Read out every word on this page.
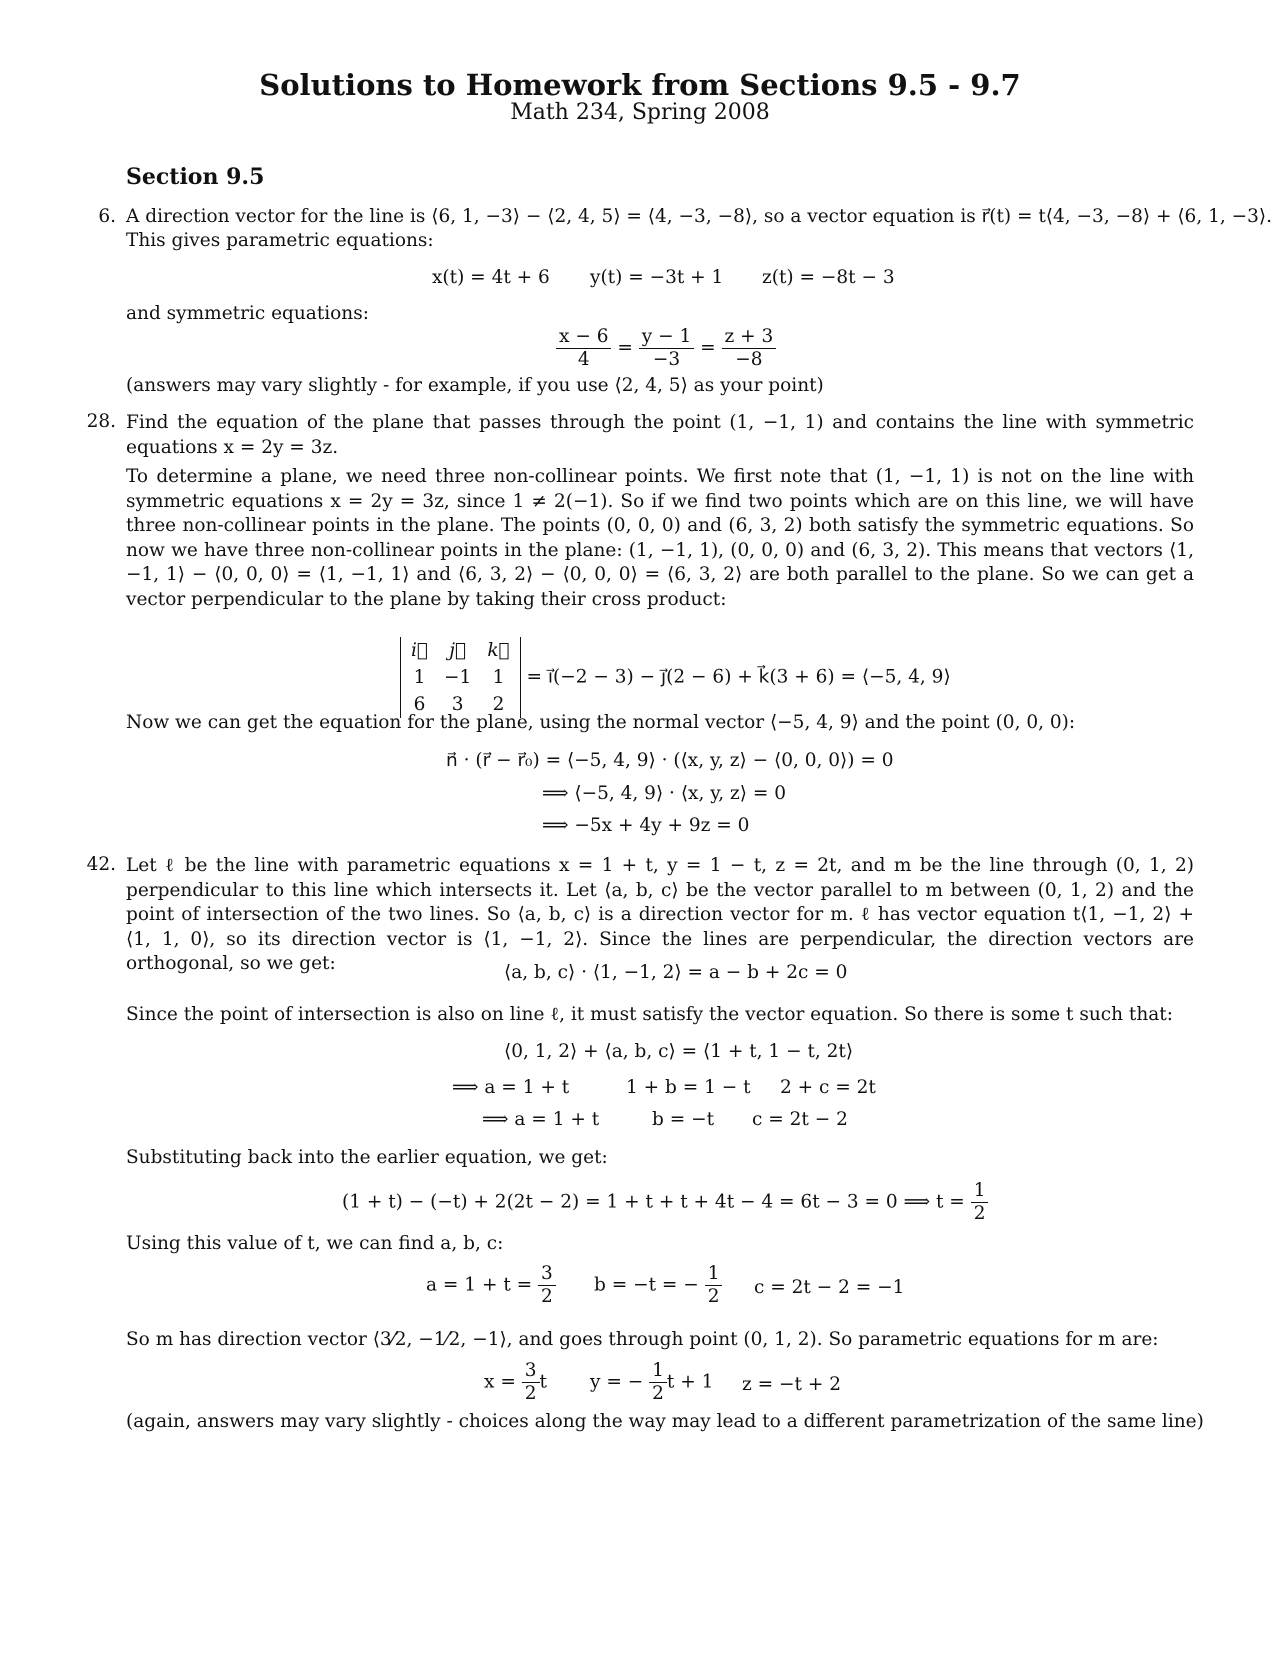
Solutions to Homework from Sections 9.5 - 9.7
Math 234, Spring 2008
Section 9.5
6. A direction vector for the line is ⟨6, 1, −3⟩ − ⟨2, 4, 5⟩ = ⟨4, −3, −8⟩, so a vector equation is r⃗(t) = t⟨4, −3, −8⟩ + ⟨6, 1, −3⟩.
This gives parametric equations:
x(t) = 4t + 6 y(t) = −3t + 1 z(t) = −8t − 3
and symmetric equations:
$\frac{x - 6}{4} = \frac{y - 1}{-3} = \frac{z + 3}{-8}$
(answers may vary slightly - for example, if you use ⟨2, 4, 5⟩ as your point)
28. Find the equation of the plane that passes through the point (1, −1, 1) and contains the line with symmetric equations x = 2y = 3z.
To determine a plane, we need three non-collinear points. We first note that (1, −1, 1) is not on the line with symmetric equations x = 2y = 3z, since 1 ≠ 2(−1). So if we find two points which are on this line, we will have three non-collinear points in the plane. The points (0, 0, 0) and (6, 3, 2) both satisfy the symmetric equations. So now we have three non-collinear points in the plane: (1, −1, 1), (0, 0, 0) and (6, 3, 2). This means that vectors ⟨1, −1, 1⟩ − ⟨0, 0, 0⟩ = ⟨1, −1, 1⟩ and ⟨6, 3, 2⟩ − ⟨0, 0, 0⟩ = ⟨6, 3, 2⟩ are both parallel to the plane. So we can get a vector perpendicular to the plane by taking their cross product:
i⃗	j⃗	k⃗
1	−1	1
6	3	2
= i⃗(−2 − 3) − j⃗(2 − 6) + k⃗(3 + 6) = ⟨−5, 4, 9⟩
Now we can get the equation for the plane, using the normal vector ⟨−5, 4, 9⟩ and the point (0, 0, 0):
n⃗ · (r⃗ − r⃗₀) = ⟨−5, 4, 9⟩ · (⟨x, y, z⟩ − ⟨0, 0, 0⟩) = 0
⟹ ⟨−5, 4, 9⟩ · ⟨x, y, z⟩ = 0
⟹ −5x + 4y + 9z = 0
42. Let ℓ be the line with parametric equations x = 1 + t, y = 1 − t, z = 2t, and m be the line through (0, 1, 2) perpendicular to this line which intersects it. Let ⟨a, b, c⟩ be the vector parallel to m between (0, 1, 2) and the point of intersection of the two lines. So ⟨a, b, c⟩ is a direction vector for m. ℓ has vector equation t⟨1, −1, 2⟩ + ⟨1, 1, 0⟩, so its direction vector is ⟨1, −1, 2⟩. Since the lines are perpendicular, the direction vectors are orthogonal, so we get:	⟨a, b, c⟩ · ⟨1, −1, 2⟩ = a − b + 2c = 0
Since the point of intersection is also on line ℓ, it must satisfy the vector equation. So there is some t such that:
⟨0, 1, 2⟩ + ⟨a, b, c⟩ = ⟨1 + t, 1 − t, 2t⟩
⟹ a = 1 + t	1 + b = 1 − t 2 + c = 2t
⟹ a = 1 + t	b = −t c = 2t − 2
Substituting back into the earlier equation, we get:
(1 + t) − (−t) + 2(2t − 2) = 1 + t + t + 4t − 4 = 6t − 3 = 0 ⟹ $t = \frac{1}{2}$
Using this value of t, we can find a, b, c:
$a = 1 + t = \frac{3}{2}$ b = −t = − $\frac{1}{2}$ c = 2t − 2 = −1
So m has direction vector ⟨3⁄2, −1⁄2, −1⟩, and goes through point (0, 1, 2). So parametric equations for m are:
$x = \frac{3}{2}$ t y = − $\frac{1}{2}$ t + 1 z = −t + 2
(again, answers may vary slightly - choices along the way may lead to a different parametrization of the same line)
